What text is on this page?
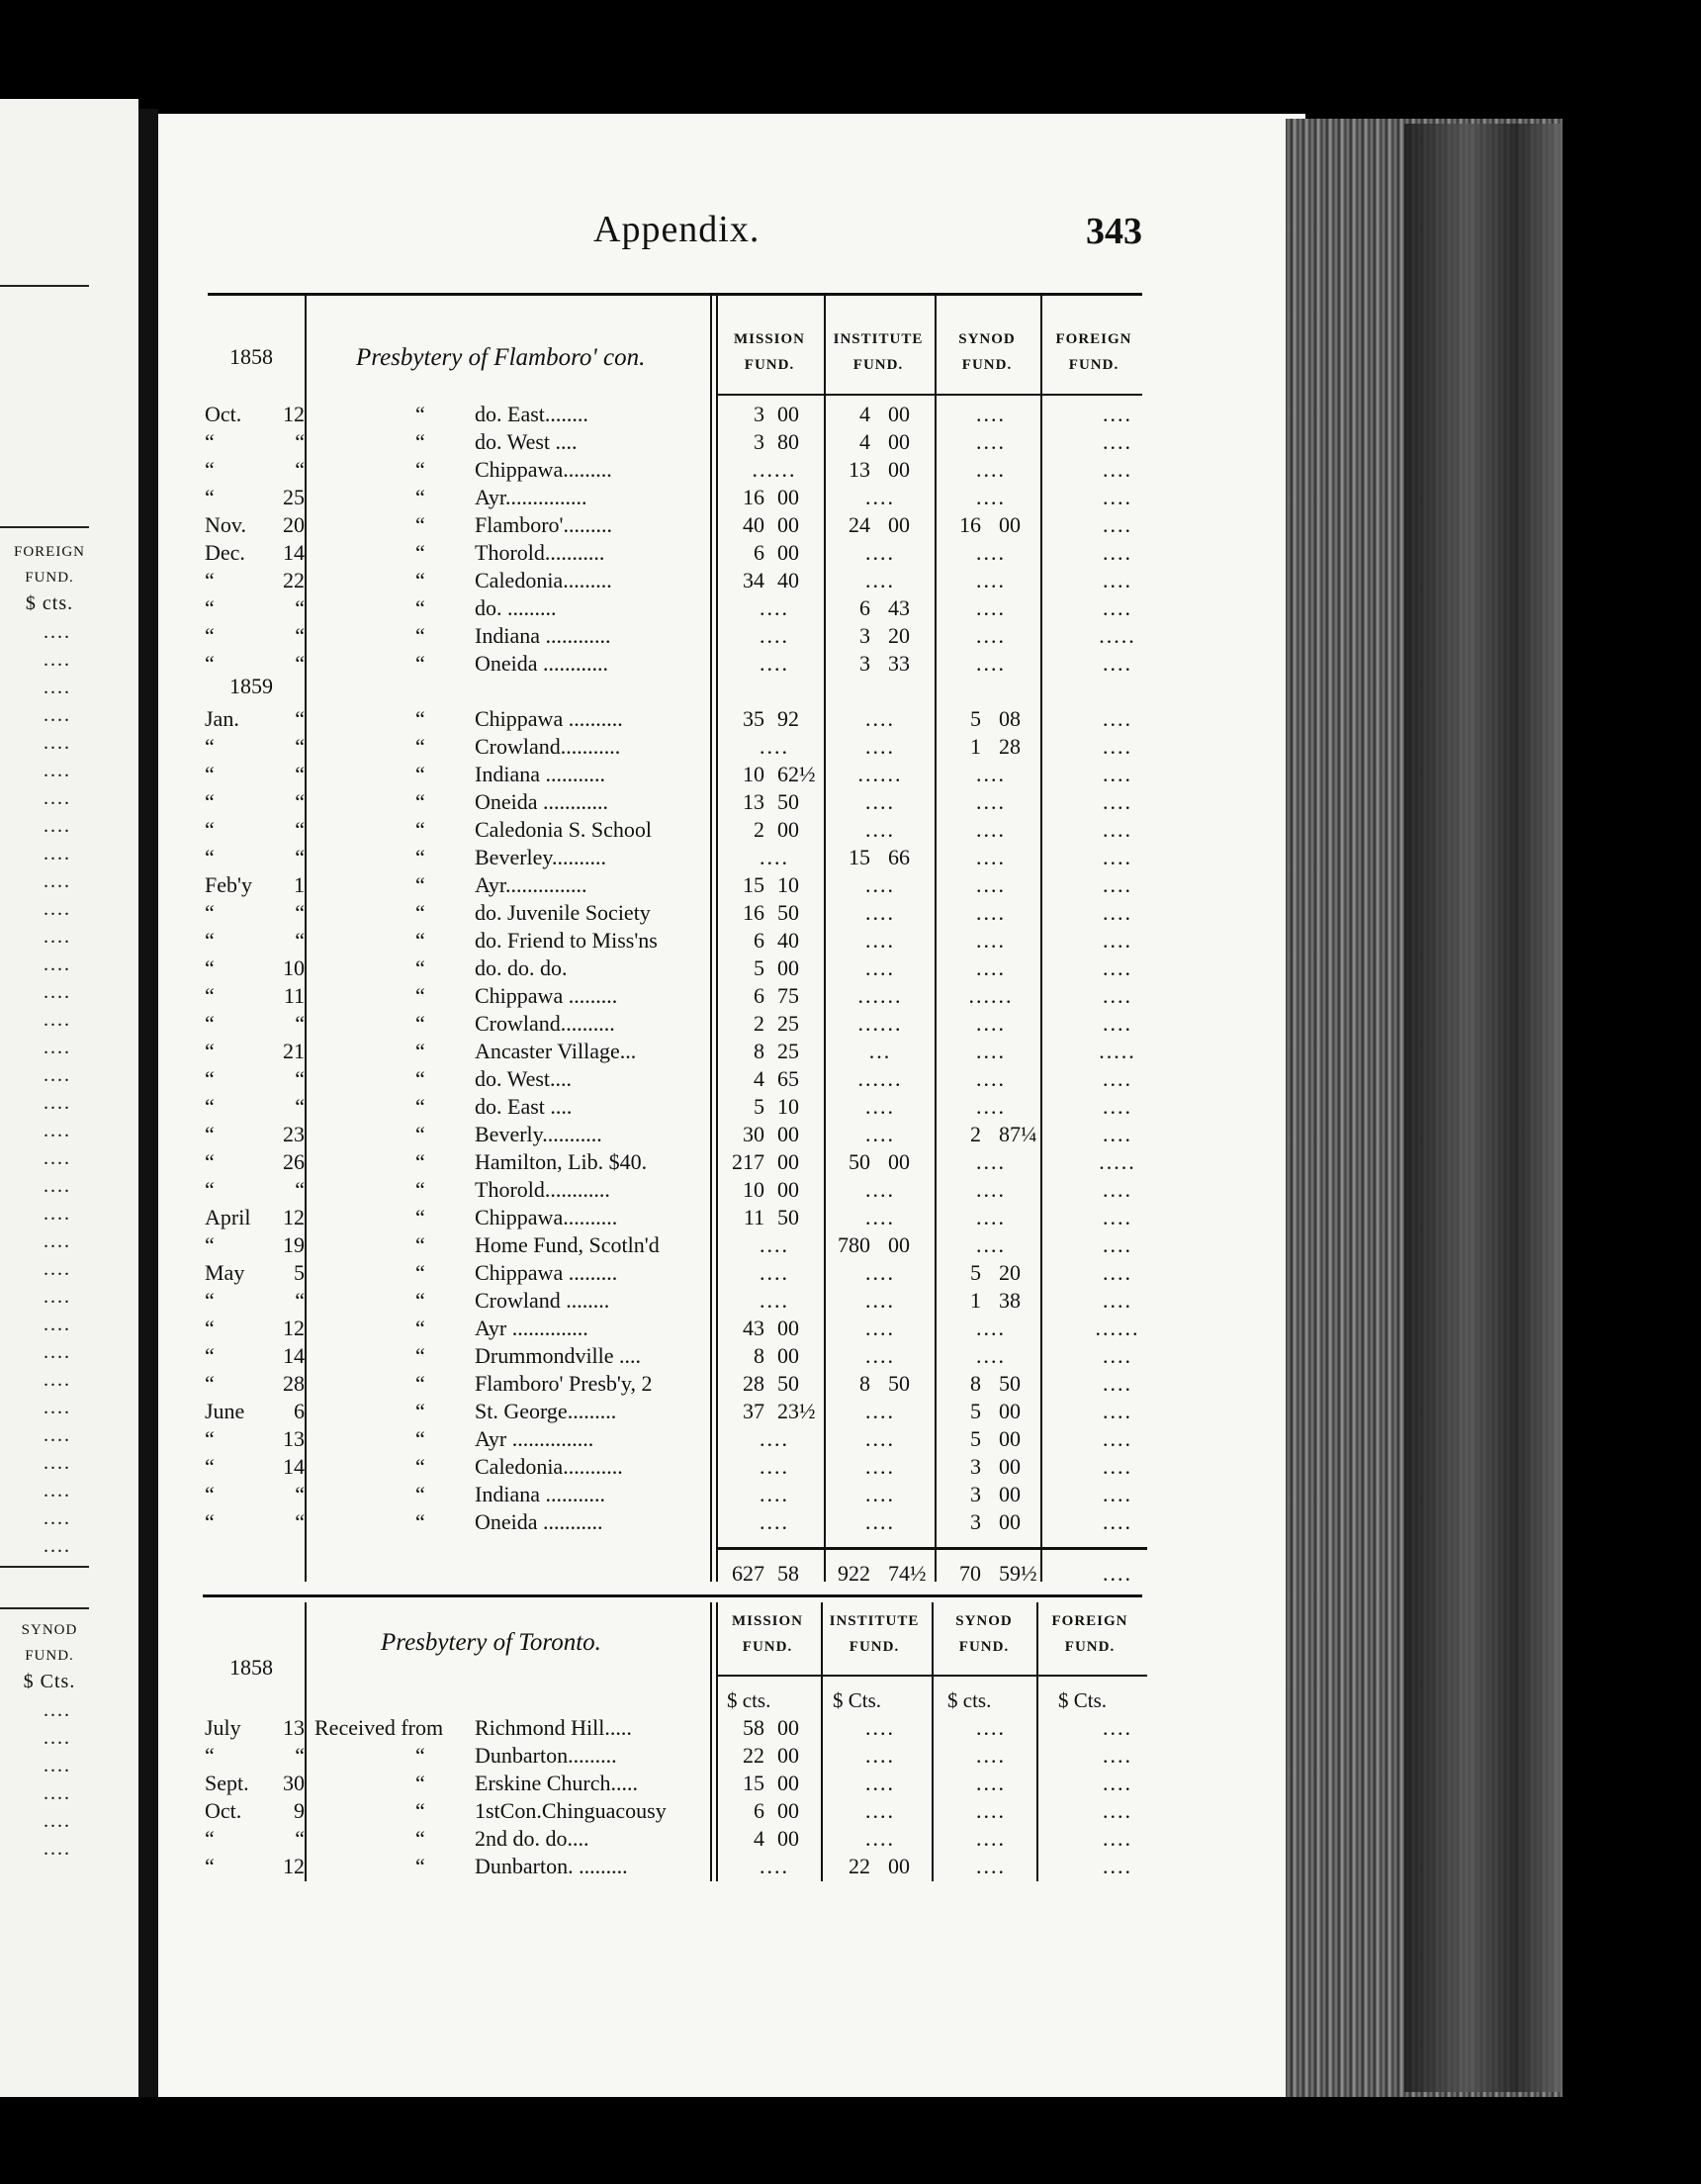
FOREIGN
FUND.
$ cts.
....
....
....
....
....
....
....
....
....
....
....
....
....
....
....
....
....
....
....
....
....
....
....
....
....
....
....
....
....
....
....
....
....
....
SYNOD
FUND.
$ Cts.
....
....
....
....
....
....
Appendix.	343
1858	Presbytery of Flamboro' con.
MISSION
FUND.
INSTITUTE
FUND.
SYNOD
FUND.
FOREIGN
FUND.
1859
Oct.	12	“	do. East........	3 00	4 00	....	....
“	“	“	do. West ....	3 80	4 00	....	....
“	“	“	Chippawa.........	......	13 00	....	....
“	25	“	Ayr...............	16 00	....	....	....
Nov.	20	“	Flamboro'.........	40 00	24 00	16 00	....
Dec.	14	“	Thorold...........	6 00	....	....	....
“	22	“	Caledonia.........	34 40	....	....	....
“	“	“	do. .........	....	6 43	....	....
“	“	“	Indiana ............	....	3 20	....	.....
“	“	“	Oneida ............	....	3 33	....	....
Jan.	“	“	Chippawa ..........	35 92	....	5 08	....
“	“	“	Crowland...........	....	....	1 28	....
“	“	“	Indiana ...........	10 62½	......	....	....
“	“	“	Oneida ............	13 50	....	....	....
“	“	“	Caledonia S. School	2 00	....	....	....
“	“	“	Beverley..........	....	15 66	....	....
Feb'y	1	“	Ayr...............	15 10	....	....	....
“	“	“	do. Juvenile Society	16 50	....	....	....
“	“	“	do. Friend to Miss'ns	6 40	....	....	....
“	10	“	do. do. do.	5 00	....	....	....
“	11	“	Chippawa .........	6 75	......	......	....
“	“	“	Crowland..........	2 25	......	....	....
“	21	“	Ancaster Village...	8 25	...	....	.....
“	“	“	do. West....	4 65	......	....	....
“	“	“	do. East ....	5 10	....	....	....
“	23	“	Beverly...........	30 00	....	2 87¼	....
“	26	“	Hamilton, Lib. $40.	217 00	50 00	....	.....
“	“	“	Thorold............	10 00	....	....	....
April	12	“	Chippawa..........	11 50	....	....	....
“	19	“	Home Fund, Scotln'd	....	780 00	....	....
May	5	“	Chippawa .........	....	....	5 20	....
“	“	“	Crowland ........	....	....	1 38	....
“	12	“	Ayr ..............	43 00	....	....	......
“	14	“	Drummondville ....	8 00	....	....	....
“	28	“	Flamboro' Presb'y, 2	28 50	8 50	8 50	....
June	6	“	St. George.........	37 23½	....	5 00	....
“	13	“	Ayr ...............	....	....	5 00	....
“	14	“	Caledonia...........	....	....	3 00	....
“	“	“	Indiana ...........	....	....	3 00	....
“	“	“	Oneida ...........	....	....	3 00	....
627 58	922 74½	70 59½	....
1858
Presbytery of Toronto.
MISSION
FUND.
INSTITUTE
FUND.
SYNOD
FUND.
FOREIGN
FUND.
$ cts.	$ Cts.	$ cts.	$ Cts.
July	13 Received from	Richmond Hill.....	58 00	....	....	....
“	“	“	Dunbarton.........	22 00	....	....	....
Sept.	30	“	Erskine Church.....	15 00	....	....	....
Oct.	9	“	1stCon.Chinguacousy	6 00	....	....	....
“	“	“	2nd do. do....	4 00	....	....	....
“	12	“	Dunbarton. .........	....	22 00	....	....
